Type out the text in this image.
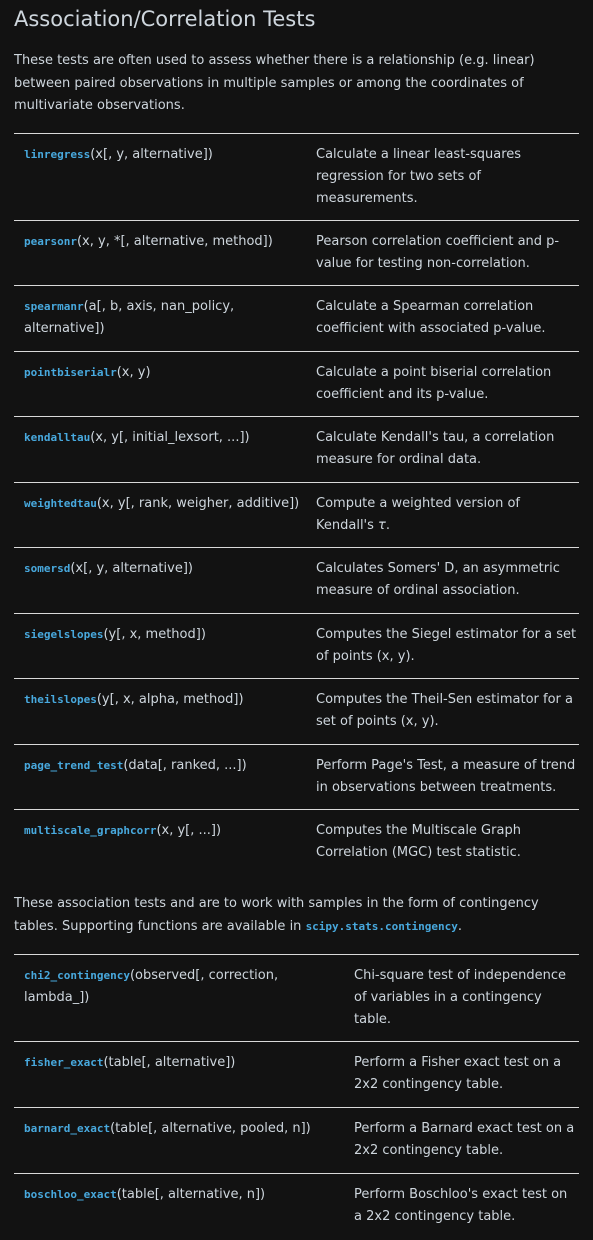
Association/Correlation Tests

These tests are often used to assess whether there is a relationship (e.g. linear) between paired observations in multiple samples or among the coordinates of multivariate observations.

linregress(x[, y, alternative])	Calculate a linear least-squares regression for two sets of measurements.
pearsonr(x, y, *[, alternative, method])	Pearson correlation coefficient and p-value for testing non-correlation.
spearmanr(a[, b, axis, nan_policy, alternative])	Calculate a Spearman correlation coefficient with associated p-value.
pointbiserialr(x, y)	Calculate a point biserial correlation coefficient and its p-value.
kendalltau(x, y[, initial_lexsort, ...])	Calculate Kendall's tau, a correlation measure for ordinal data.
weightedtau(x, y[, rank, weigher, additive])	Compute a weighted version of Kendall's τ.
somersd(x[, y, alternative])	Calculates Somers' D, an asymmetric measure of ordinal association.
siegelslopes(y[, x, method])	Computes the Siegel estimator for a set of points (x, y).
theilslopes(y[, x, alpha, method])	Computes the Theil-Sen estimator for a set of points (x, y).
page_trend_test(data[, ranked, ...])	Perform Page's Test, a measure of trend in observations between treatments.
multiscale_graphcorr(x, y[, ...])	Computes the Multiscale Graph Correlation (MGC) test statistic.

These association tests and are to work with samples in the form of contingency tables. Supporting functions are available in scipy.stats.contingency.

chi2_contingency(observed[, correction, lambda_])	Chi-square test of independence of variables in a contingency table.
fisher_exact(table[, alternative])	Perform a Fisher exact test on a 2x2 contingency table.
barnard_exact(table[, alternative, pooled, n])	Perform a Barnard exact test on a 2x2 contingency table.
boschloo_exact(table[, alternative, n])	Perform Boschloo's exact test on a 2x2 contingency table.
